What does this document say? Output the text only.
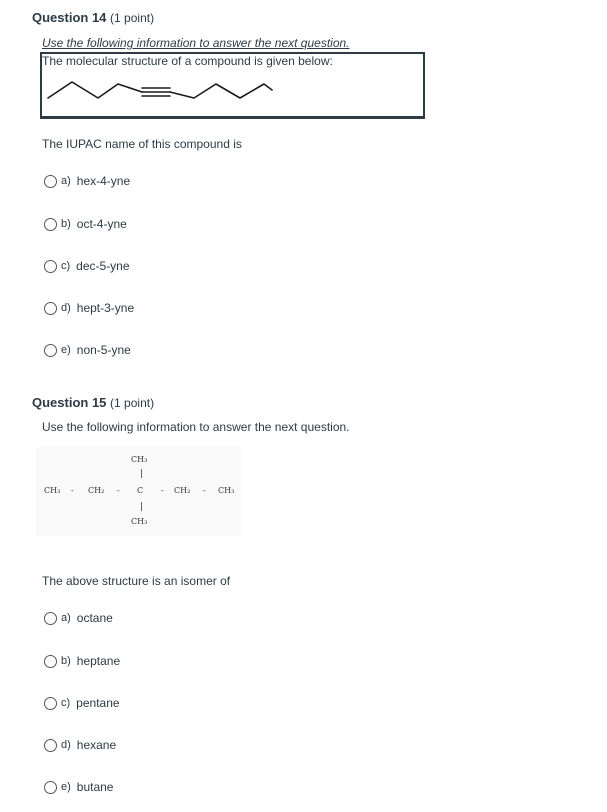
Question 14 (1 point)
Use the following information to answer the next question.
The molecular structure of a compound is given below:
The IUPAC name of this compound is
a) hex-4-yne
b) oct-4-yne
c) dec-5-yne
d) hept-3-yne
e) non-5-yne
Question 15 (1 point)
Use the following information to answer the next question.
CH₃
CH₃ - CH₂ - C - CH₂ - CH₃
CH₃
The above structure is an isomer of
a) octane
b) heptane
c) pentane
d) hexane
e) butane
